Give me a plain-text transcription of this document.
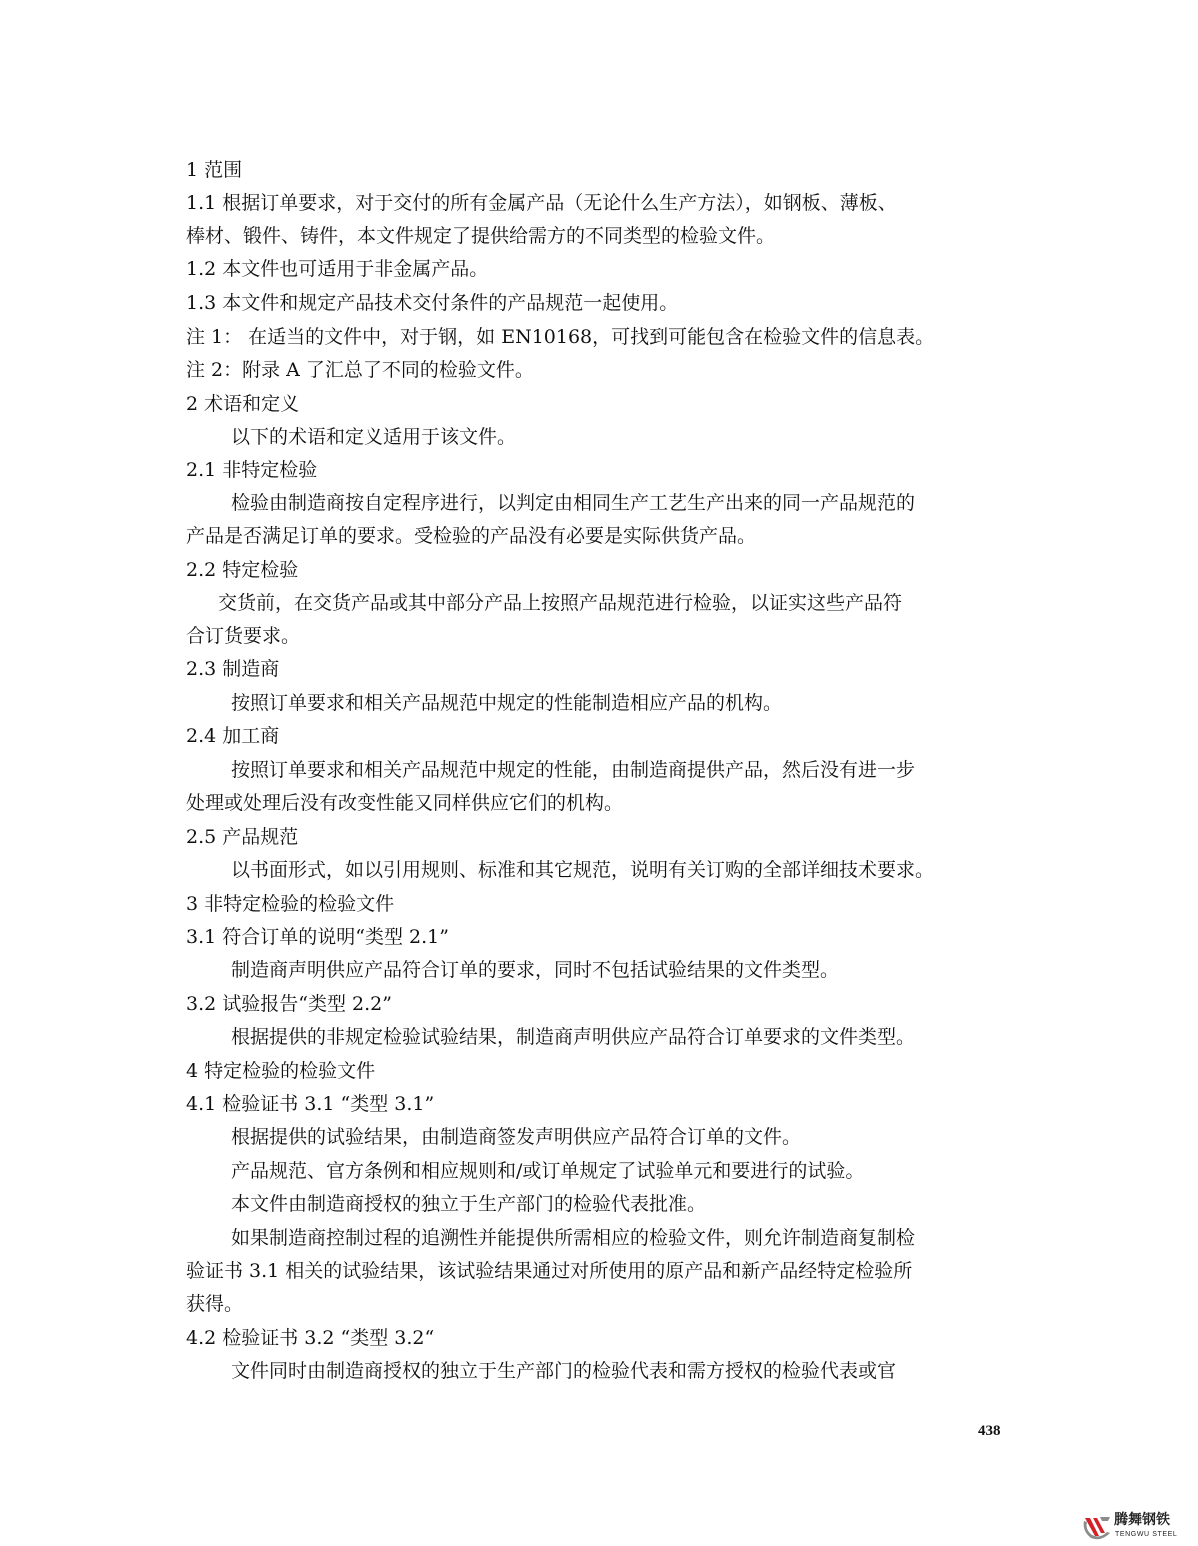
1 范围
1.1 根据订单要求，对于交付的所有金属产品（无论什么生产方法），如钢板、薄板、
棒材、锻件、铸件，本文件规定了提供给需方的不同类型的检验文件。
1.2 本文件也可适用于非金属产品。
1.3 本文件和规定产品技术交付条件的产品规范一起使用。
注 1： 在适当的文件中，对于钢，如 EN10168，可找到可能包含在检验文件的信息表。
注 2：附录 A 了汇总了不同的检验文件。
2 术语和定义
以下的术语和定义适用于该文件。
2.1 非特定检验
检验由制造商按自定程序进行，以判定由相同生产工艺生产出来的同一产品规范的
产品是否满足订单的要求。受检验的产品没有必要是实际供货产品。
2.2 特定检验
交货前，在交货产品或其中部分产品上按照产品规范进行检验，以证实这些产品符
合订货要求。
2.3 制造商
按照订单要求和相关产品规范中规定的性能制造相应产品的机构。
2.4 加工商
按照订单要求和相关产品规范中规定的性能，由制造商提供产品，然后没有进一步
处理或处理后没有改变性能又同样供应它们的机构。
2.5 产品规范
以书面形式，如以引用规则、标准和其它规范，说明有关订购的全部详细技术要求。
3 非特定检验的检验文件
3.1 符合订单的说明“类型 2.1”
制造商声明供应产品符合订单的要求，同时不包括试验结果的文件类型。
3.2 试验报告“类型 2.2”
根据提供的非规定检验试验结果，制造商声明供应产品符合订单要求的文件类型。
4 特定检验的检验文件
4.1 检验证书 3.1 “类型 3.1”
根据提供的试验结果，由制造商签发声明供应产品符合订单的文件。
产品规范、官方条例和相应规则和/或订单规定了试验单元和要进行的试验。
本文件由制造商授权的独立于生产部门的检验代表批准。
如果制造商控制过程的追溯性并能提供所需相应的检验文件，则允许制造商复制检
验证书 3.1 相关的试验结果，该试验结果通过对所使用的原产品和新产品经特定检验所
获得。
4.2 检验证书 3.2 “类型 3.2“
文件同时由制造商授权的独立于生产部门的检验代表和需方授权的检验代表或官
438
腾舞钢铁
TENGWU STEEL
